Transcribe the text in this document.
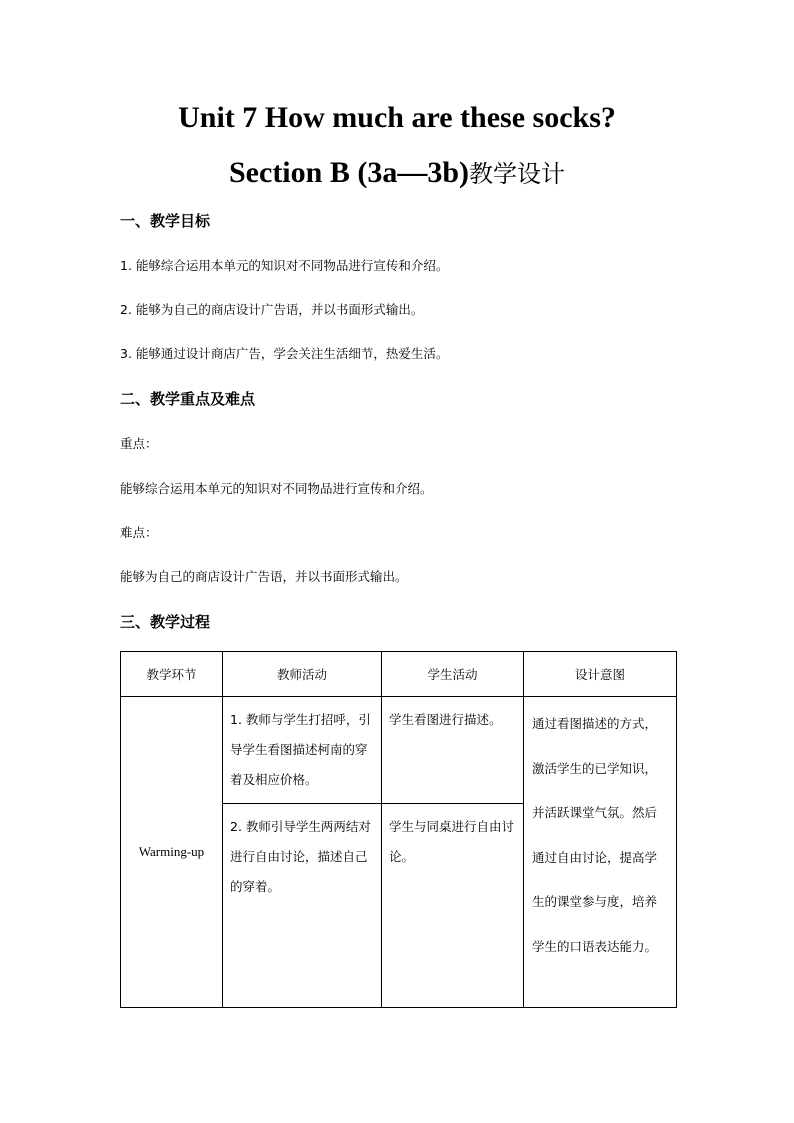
Unit 7 How much are these socks?
Section B (3a—3b)教学设计
一、教学目标
1. 能够综合运用本单元的知识对不同物品进行宣传和介绍。
2. 能够为自己的商店设计广告语，并以书面形式输出。
3. 能够通过设计商店广告，学会关注生活细节，热爱生活。
二、教学重点及难点
重点：
能够综合运用本单元的知识对不同物品进行宣传和介绍。
难点：
能够为自己的商店设计广告语，并以书面形式输出。
三、教学过程
教学环节	教师活动	学生活动	设计意图
Warming-up	1. 教师与学生打招呼，引导学生看图描述柯南的穿着及相应价格。	学生看图进行描述。	通过看图描述的方式，激活学生的已学知识，并活跃课堂气氛。然后通过自由讨论，提高学生的课堂参与度，培养学生的口语表达能力。

	2. 教师引导学生两两结对进行自由讨论，描述自己的穿着。	学生与同桌进行自由讨论。	
